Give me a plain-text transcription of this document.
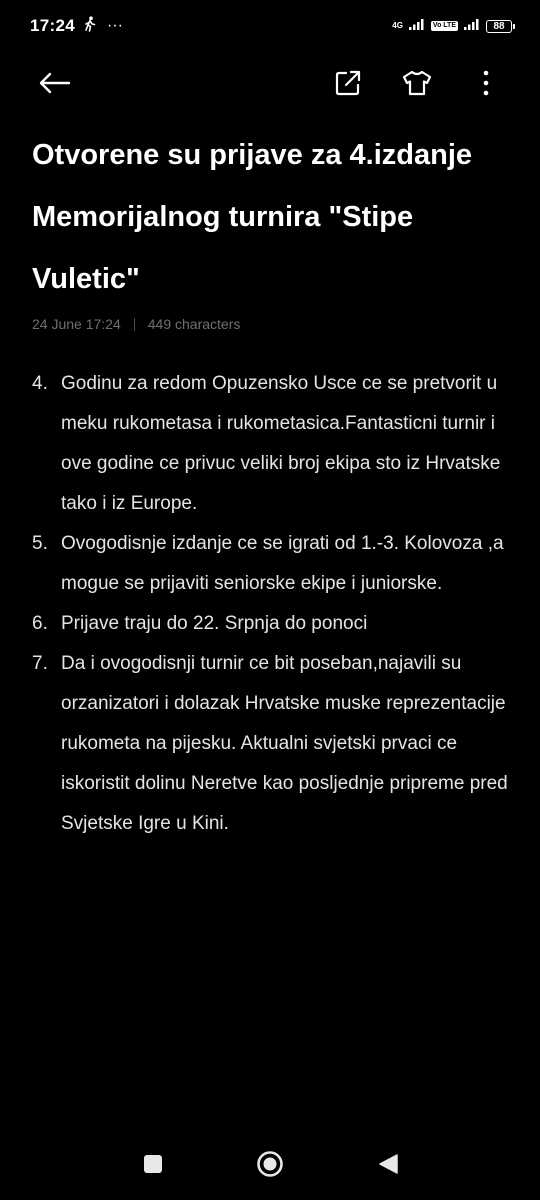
17:24 ···	4G	Vo LTE	88
Otvorene su prijave za 4.izdanje Memorijalnog turnira "Stipe Vuletic"
24 June 17:24 449 characters
4. Godinu za redom Opuzensko Usce ce se pretvorit u meku rukometasa i rukometasica.Fantasticni turnir i ove godine ce privuc veliki broj ekipa sto iz Hrvatske tako i iz Europe.
5. Ovogodisnje izdanje ce se igrati od 1.-3. Kolovoza ,a mogue se prijaviti seniorske ekipe i juniorske.
6. Prijave traju do 22. Srpnja do ponoci
7. Da i ovogodisnji turnir ce bit poseban,najavili su orzanizatori i dolazak Hrvatske muske reprezentacije rukometa na pijesku. Aktualni svjetski prvaci ce iskoristit dolinu Neretve kao posljednje pripreme pred Svjetske Igre u Kini.
